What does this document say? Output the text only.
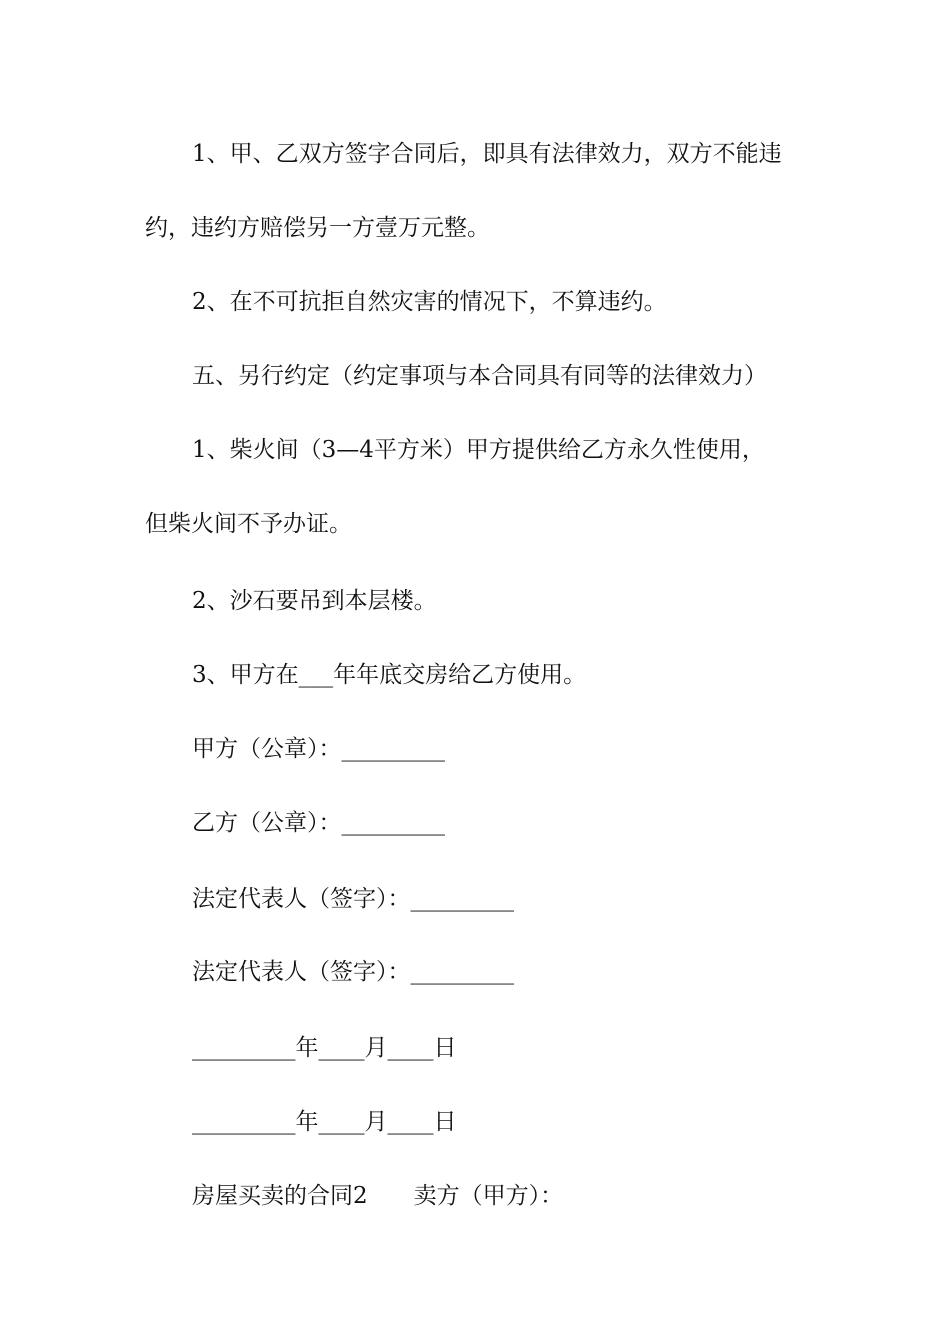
1、甲、乙双方签字合同后，即具有法律效力，双方不能违
约，违约方赔偿另一方壹万元整。
2、在不可抗拒自然灾害的情况下，不算违约。
五、另行约定（约定事项与本合同具有同等的法律效力）
1、柴火间（3—4平方米）甲方提供给乙方永久性使用，
但柴火间不予办证。
2、沙石要吊到本层楼。
3、甲方在___年年底交房给乙方使用。
甲方（公章）：_________
乙方（公章）：_________
法定代表人（签字）：_________
法定代表人（签字）：_________
_________年____月____日
_________年____月____日
房屋买卖的合同2　　卖方（甲方）：
